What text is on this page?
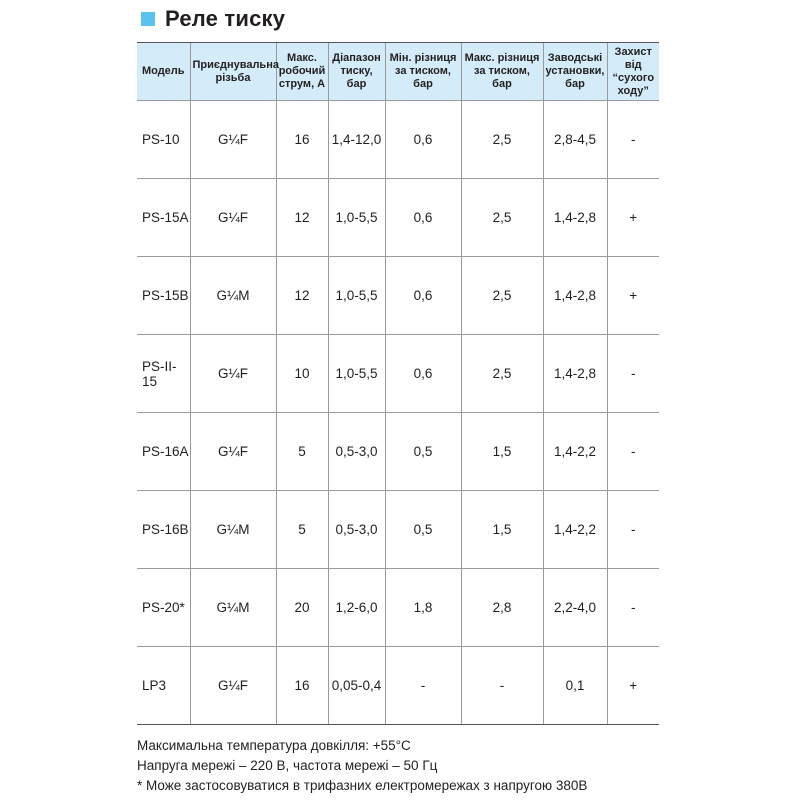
Реле тиску
Модель	Приєднувальна різьба	Макс. робочий струм, А	Діапазон тиску, бар	Мін. різниця за тиском, бар	Макс. різниця за тиском, бар	Заводські установки, бар	Захист від “сухого ходу”
PS-10	G¼F	16	1,4-12,0	0,6	2,5	2,8-4,5	-
PS-15A	G¼F	12	1,0-5,5	0,6	2,5	1,4-2,8	+
PS-15B	G¼M	12	1,0-5,5	0,6	2,5	1,4-2,8	+
PS-II-15	G¼F	10	1,0-5,5	0,6	2,5	1,4-2,8	-
PS-16A	G¼F	5	0,5-3,0	0,5	1,5	1,4-2,2	-
PS-16B	G¼M	5	0,5-3,0	0,5	1,5	1,4-2,2	-
PS-20*	G¼M	20	1,2-6,0	1,8	2,8	2,2-4,0	-
LP3	G¼F	16	0,05-0,4	-	-	0,1	+
Максимальна температура довкілля: +55°С
Напруга мережі – 220 В, частота мережі – 50 Гц
* Може застосовуватися в трифазних електромережах з напругою 380В
